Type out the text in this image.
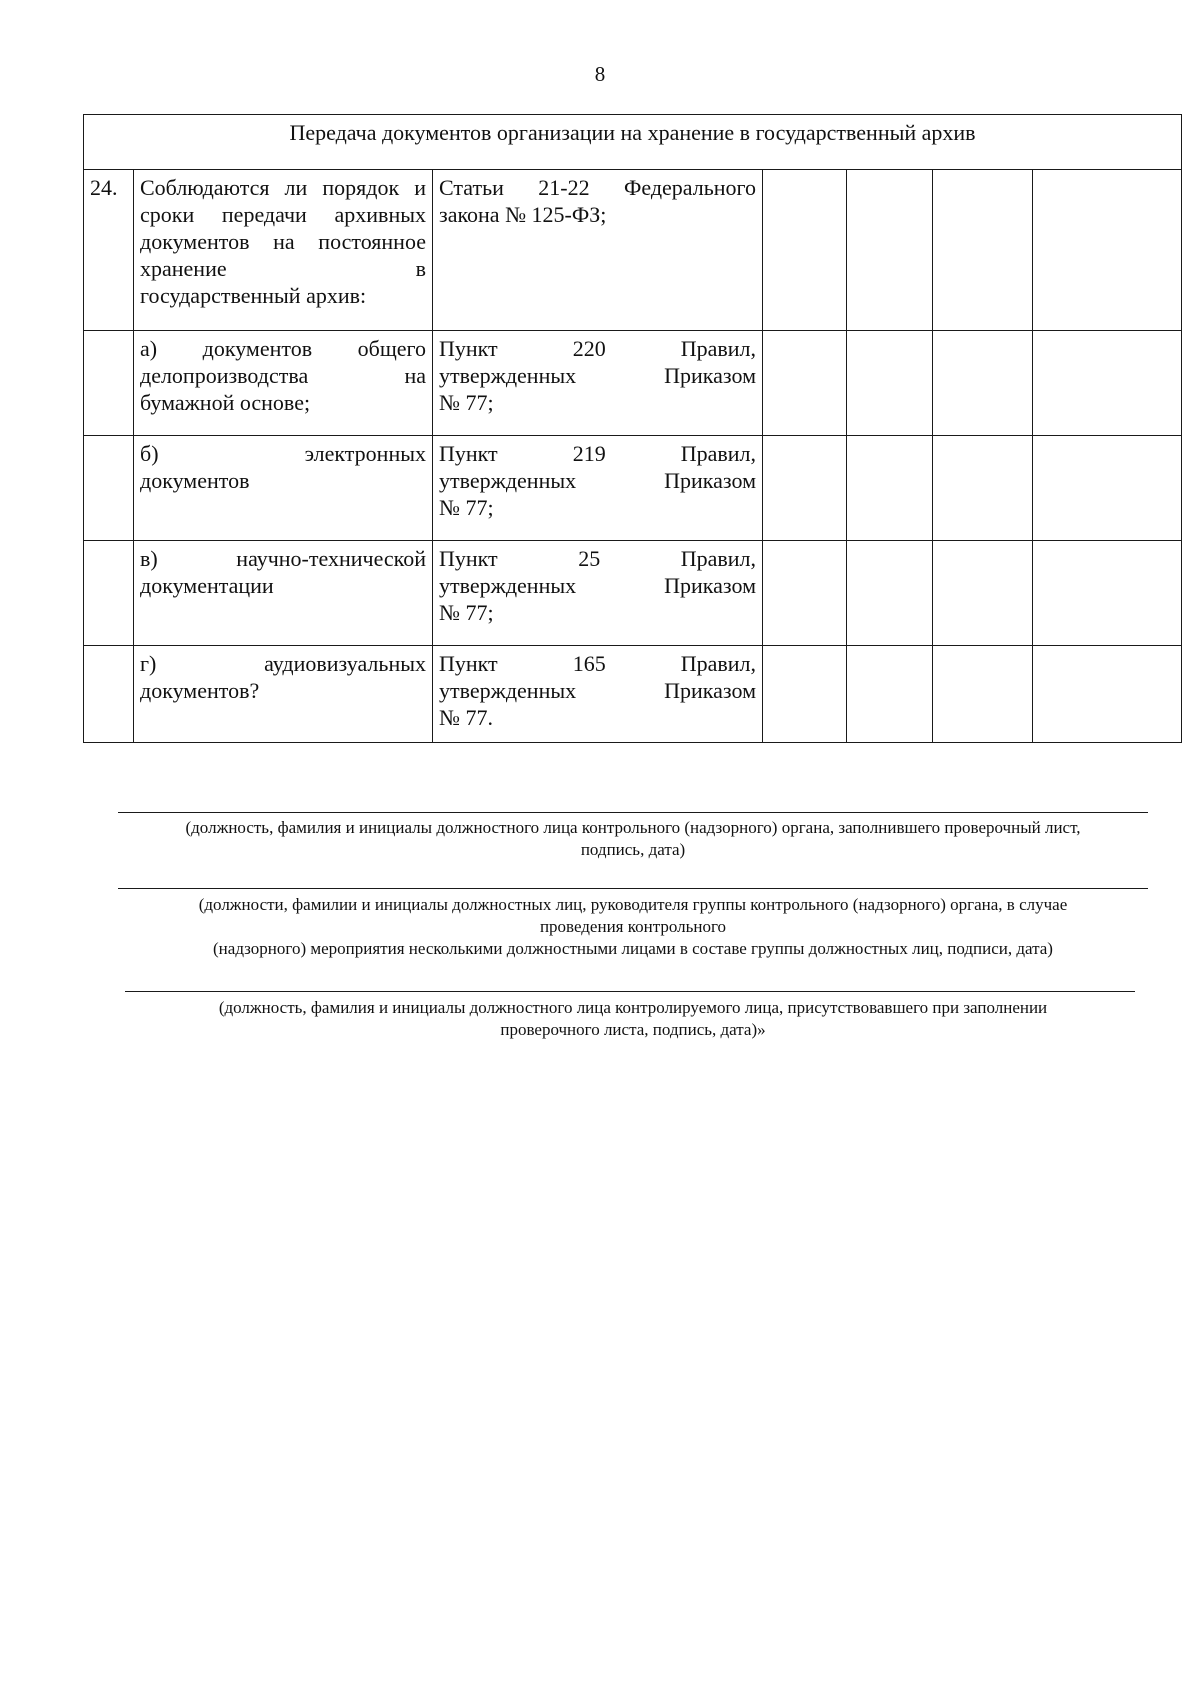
8
Передача документов организации на хранение в государственный архив						
24.	Соблюдаются ли порядок и
сроки передачи архивных
документов на постоянное
хранение в
государственный архив:	Статьи 21-22 Федерального
закона № 125-ФЗ;				

	а) документов общего
делопроизводства на
бумажной основе;	Пункт 220 Правил,
утвержденных Приказом
№ 77;				

	б) электронных
документов	Пункт 219 Правил,
утвержденных Приказом
№ 77;				

	в) научно-технической
документации	Пункт 25 Правил,
утвержденных Приказом
№ 77;				

	г) аудиовизуальных
документов?	Пункт 165 Правил,
утвержденных Приказом
№ 77.				

(должность, фамилия и инициалы должностного лица контрольного (надзорного) органа, заполнившего проверочный лист,
подпись, дата)
(должности, фамилии и инициалы должностных лиц, руководителя группы контрольного (надзорного) органа, в случае
проведения контрольного
(надзорного) мероприятия несколькими должностными лицами в составе группы должностных лиц, подписи, дата)
(должность, фамилия и инициалы должностного лица контролируемого лица, присутствовавшего при заполнении
проверочного листа, подпись, дата)»
